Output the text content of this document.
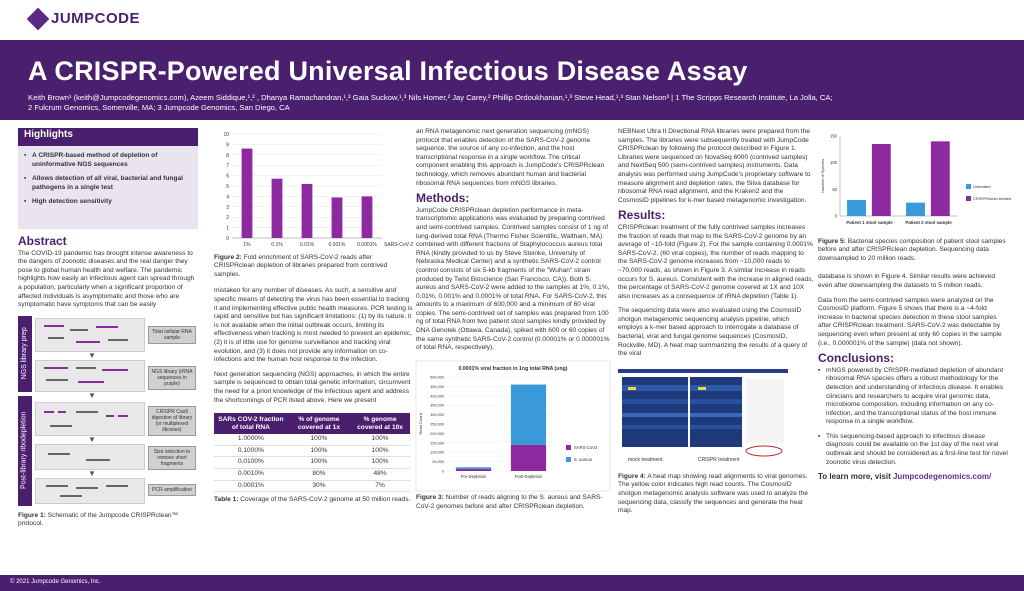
JUMPCODE
A CRISPR-Powered Universal Infectious Disease Assay
Keith Brown¹ (keith@Jumpcodegenomics.com), Azeem Siddique,¹,² , Dhanya Ramachandran,¹,³ Gaia Suckow,¹,³ Nils Homer,² Jay Carey,² Phillip Ordoukhanian,¹,³ Steve Head,¹,³ Stan Nelson³ | 1 The Scripps Research Institute, La Jolla, CA;
2 Fulcrum Genomics, Somerville, MA; 3 Jumpcode Genomics, San Diego, CA
Highlights
▪ A CRISPR-based method of depletion of uninformative NGS sequences
▪ Allows detection of all viral, bacterial and fungal pathogens in a single test
▪ High detection sensitivity
Abstract

The COVID-19 pandemic has brought intense awareness to the dangers of zoonotic diseases and the real danger they pose to global human health and welfare. The pandemic highlights how easily an infectious agent can spread through a population, particularly when a significant proportion of affected individuals is asymptomatic and those who are symptomatic have symptoms that can be easily

NGS library prep
Post-library ribodepletion
Total cellular RNA sample
▼
NGS library (rRNA sequences in purple)
▼
CRISPR Cas9 digestion of library (or multiplexed libraries)
▼
Size selection to remove short fragments
▼
PCR amplification

Figure 1: Schematic of the Jumpcode CRISPRclean™ protocol.

0
1
2
3
4
5
6
7
8
9
10
1%	0.1%	0.01%	0.001% 0.0001% SARS-CoV-2

Figure 2: Fold enrichment of SARS-CoV-2 reads after CRISPRclean depletion of libraries prepared from contrived samples.

mistaken for any number of diseases. As such, a sensitive and specific means of detecting the virus has been essential to tracking it and implementing effective public health measures. PCR testing is rapid and sensitive but has significant limitations: (1) by its nature, it is not available when the initial outbreak occurs, limiting its effectiveness when tracking is most needed to prevent an epidemic, (2) it is of little use for genome surveillance and tracking viral evolution, and (3) it does not provide any information on co-infections and the human host response to the infection.

Next generation sequencing (NGS) approaches, in which the entire sample is sequenced to obtain total genetic information, circumvent the need for a priori knowledge of the infectious agent and address the shortcomings of PCR listed above. Here we present

SARs COV-2 fraction of total RNA	% of genome covered at 1x	% genome covered at 10x
1.0000%	100%	100%
0.1000%	100%	100%
0.0100%	100%	100%
0.0010%	80%	48%
0.0001%	30%	7%

Table 1: Coverage of the SARS-CoV-2 genome at 50 million reads.

an RNA metagenomic next generation sequencing (mNGS) protocol that enables detection of the SARS-CoV-2 genome sequence, the source of any co-infection, and the host transcriptional response in a single workflow. The critical component enabling this approach is JumpCode's CRISPRclean technology, which removes abundant human and bacterial ribosomal RNA sequences from mNGS libraries.

Methods:

JumpCode CRISPRclean depletion performance in meta-transcriptomic applications was evaluated by preparing contrived and semi-contrived samples. Contrived samples consist of 1 ng of lung-derived total RNA (Thermo Fisher Scientific, Waltham, MA) combined with different fractions of Staphylococcus aureus total RNA (kindly provided to us by Steve Steinke, University of Nebraska Medical Center) and a synthetic SARS-CoV-2 control (control consists of six 5-kb fragments of the "Wuhan" strain produced by Twist Bioscience (San Francisco, CA)). Both S. aureus and SARS-CoV-2 were added to the samples at 1%, 0.1%, 0.01%, 0.001% and 0.0001% of total RNA. For SARS-CoV-2, this amounts to a maximum of 600,000 and a minimum of 60 viral copies. The semi-contrived set of samples was prepared from 100 ng of total RNA from two patient stool samples kindly provided by DNA Genotek (Ottawa, Canada), spiked with 600 or 60 copies of the same synthetic SARS-CoV-2 control (0.00001% or 0.000001% of total RNA, respectively).

0.0001% viral fraction in 1ng total RNA (ung)
0
50,000
100,000
150,000
200,000
250,000
300,000
350,000
400,000
450,000
500,000
Read Count
Pre-Depletion	Post-Depletion
SARS-CoV2
S. aureus

Figure 3: Number of reads aligning to the S. aureus and SARS-CoV-2 genomes before and after CRISPRclean depletion.

NEBNext Ultra II Directional RNA libraries were prepared from the samples. The libraries were subsequently treated with JumpCode CRISPRclean by following the protocol described in Figure 1. Libraries were sequenced on NovaSeq 6000 (contrived samples) and NextSeq 500 (semi-contrived samples) instruments. Data analysis was performed using JumpCode's proprietary software to measure alignment and depletion rates, the Silva database for ribosomal RNA read alignment, and the Kraken2 and the CosmosID pipelines for k-mer based metagenomic investigation.

Results:

CRISPRclean treatment of the fully contrived samples increases the fraction of reads that map to the SARS-CoV-2 genome by an average of ~10-fold (Figure 2). For the sample containing 0.0001% SARS-CoV-2, (60 viral copies), the number of reads mapping to the SARS-CoV-2 genome increases from ~10,000 reads to ~70,000 reads, as shown in Figure 3. A similar increase in reads occurs for S. aureus. Consistent with the increase in aligned reads, the percentage of SARS-CoV-2 genome covered at 1X and 10X also increases as a consequence of rRNA depletion (Table 1).

The sequencing data were also evaluated using the CosmosID shotgun metagenomic sequencing analysis pipeline, which employs a k-mer based approach to interrogate a database of bacterial, viral and fungal genome sequences (CosmosID, Rockville, MD). A heat map summarizing the results of a query of the viral

mock treatment	CRISPR treatment

Figure 4: A heat map showing read alignments to viral genomes. The yellow color indicates high read counts. The CosmosID shotgun metagenomic analysis software was used to analyze the sequencing data, classify the sequences and generate the heat map.

0
50
100
150
Number of Species
Patient 1 stool sample	Patient 2 stool sample
Untreated
CRISPRclean treated

Figure 5: Bacterial species composition of patient stool samples before and after CRISPRclean depletion. Sequencing data downsampled to 20 million reads.

database is shown in Figure 4. Similar results were achieved even after downsampling the datasets to 5 million reads.

Data from the semi-contrived samples were analyzed on the CosmosID platform. Figure 5 shows that there is a ~4-fold increase in bacterial species detection in these stool samples after CRISPRclean treatment. SARS-CoV-2 was detectable by sequencing even when present at only 60 copies in the sample (i.e., 0.000001% of the sample) (data not shown).

Conclusions:
▪ mNGS powered by CRISPR-mediated depletion of abundant ribosomal RNA species offers a robust methodology for the detection and understanding of infectious disease. It enables clinicians and researchers to acquire viral genomic data, microbiome composition, including information on any co-infection, and the transcriptional status of the host immune response in a single workflow.
▪ This sequencing-based approach to infectious disease diagnosis could be available on the 1st day of the next viral outbreak and should be considered as a first-line test for novel zoonotic virus detection.
To learn more, visit Jumpcodegenomics.com/
© 2021 Jumpcode Genomics, Inc.
